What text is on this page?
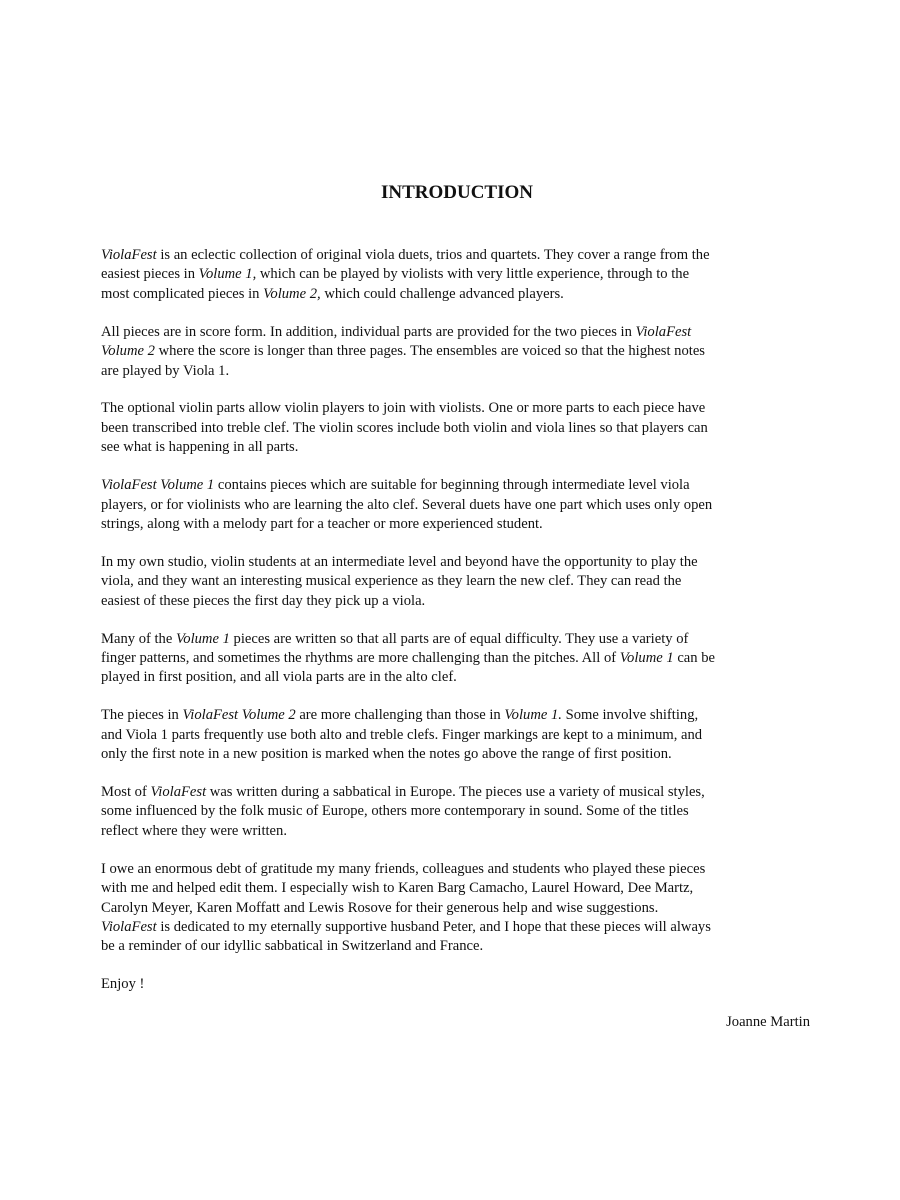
INTRODUCTION

ViolaFest is an eclectic collection of original viola duets, trios and quartets. They cover a range from the
easiest pieces in Volume 1, which can be played by violists with very little experience, through to the
most complicated pieces in Volume 2, which could challenge advanced players.

All pieces are in score form. In addition, individual parts are provided for the two pieces in ViolaFest
Volume 2 where the score is longer than three pages. The ensembles are voiced so that the highest notes
are played by Viola 1.

The optional violin parts allow violin players to join with violists. One or more parts to each piece have
been transcribed into treble clef. The violin scores include both violin and viola lines so that players can
see what is happening in all parts.

ViolaFest Volume 1 contains pieces which are suitable for beginning through intermediate level viola
players, or for violinists who are learning the alto clef. Several duets have one part which uses only open
strings, along with a melody part for a teacher or more experienced student.

In my own studio, violin students at an intermediate level and beyond have the opportunity to play the
viola, and they want an interesting musical experience as they learn the new clef. They can read the
easiest of these pieces the first day they pick up a viola.

Many of the Volume 1 pieces are written so that all parts are of equal difficulty. They use a variety of
finger patterns, and sometimes the rhythms are more challenging than the pitches. All of Volume 1 can be
played in first position, and all viola parts are in the alto clef.

The pieces in ViolaFest Volume 2 are more challenging than those in Volume 1. Some involve shifting,
and Viola 1 parts frequently use both alto and treble clefs. Finger markings are kept to a minimum, and
only the first note in a new position is marked when the notes go above the range of first position.

Most of ViolaFest was written during a sabbatical in Europe. The pieces use a variety of musical styles,
some influenced by the folk music of Europe, others more contemporary in sound. Some of the titles
reflect where they were written.

I owe an enormous debt of gratitude my many friends, colleagues and students who played these pieces
with me and helped edit them. I especially wish to Karen Barg Camacho, Laurel Howard, Dee Martz,
Carolyn Meyer, Karen Moffatt and Lewis Rosove for their generous help and wise suggestions.
ViolaFest is dedicated to my eternally supportive husband Peter, and I hope that these pieces will always
be a reminder of our idyllic sabbatical in Switzerland and France.

Enjoy !

Joanne Martin
